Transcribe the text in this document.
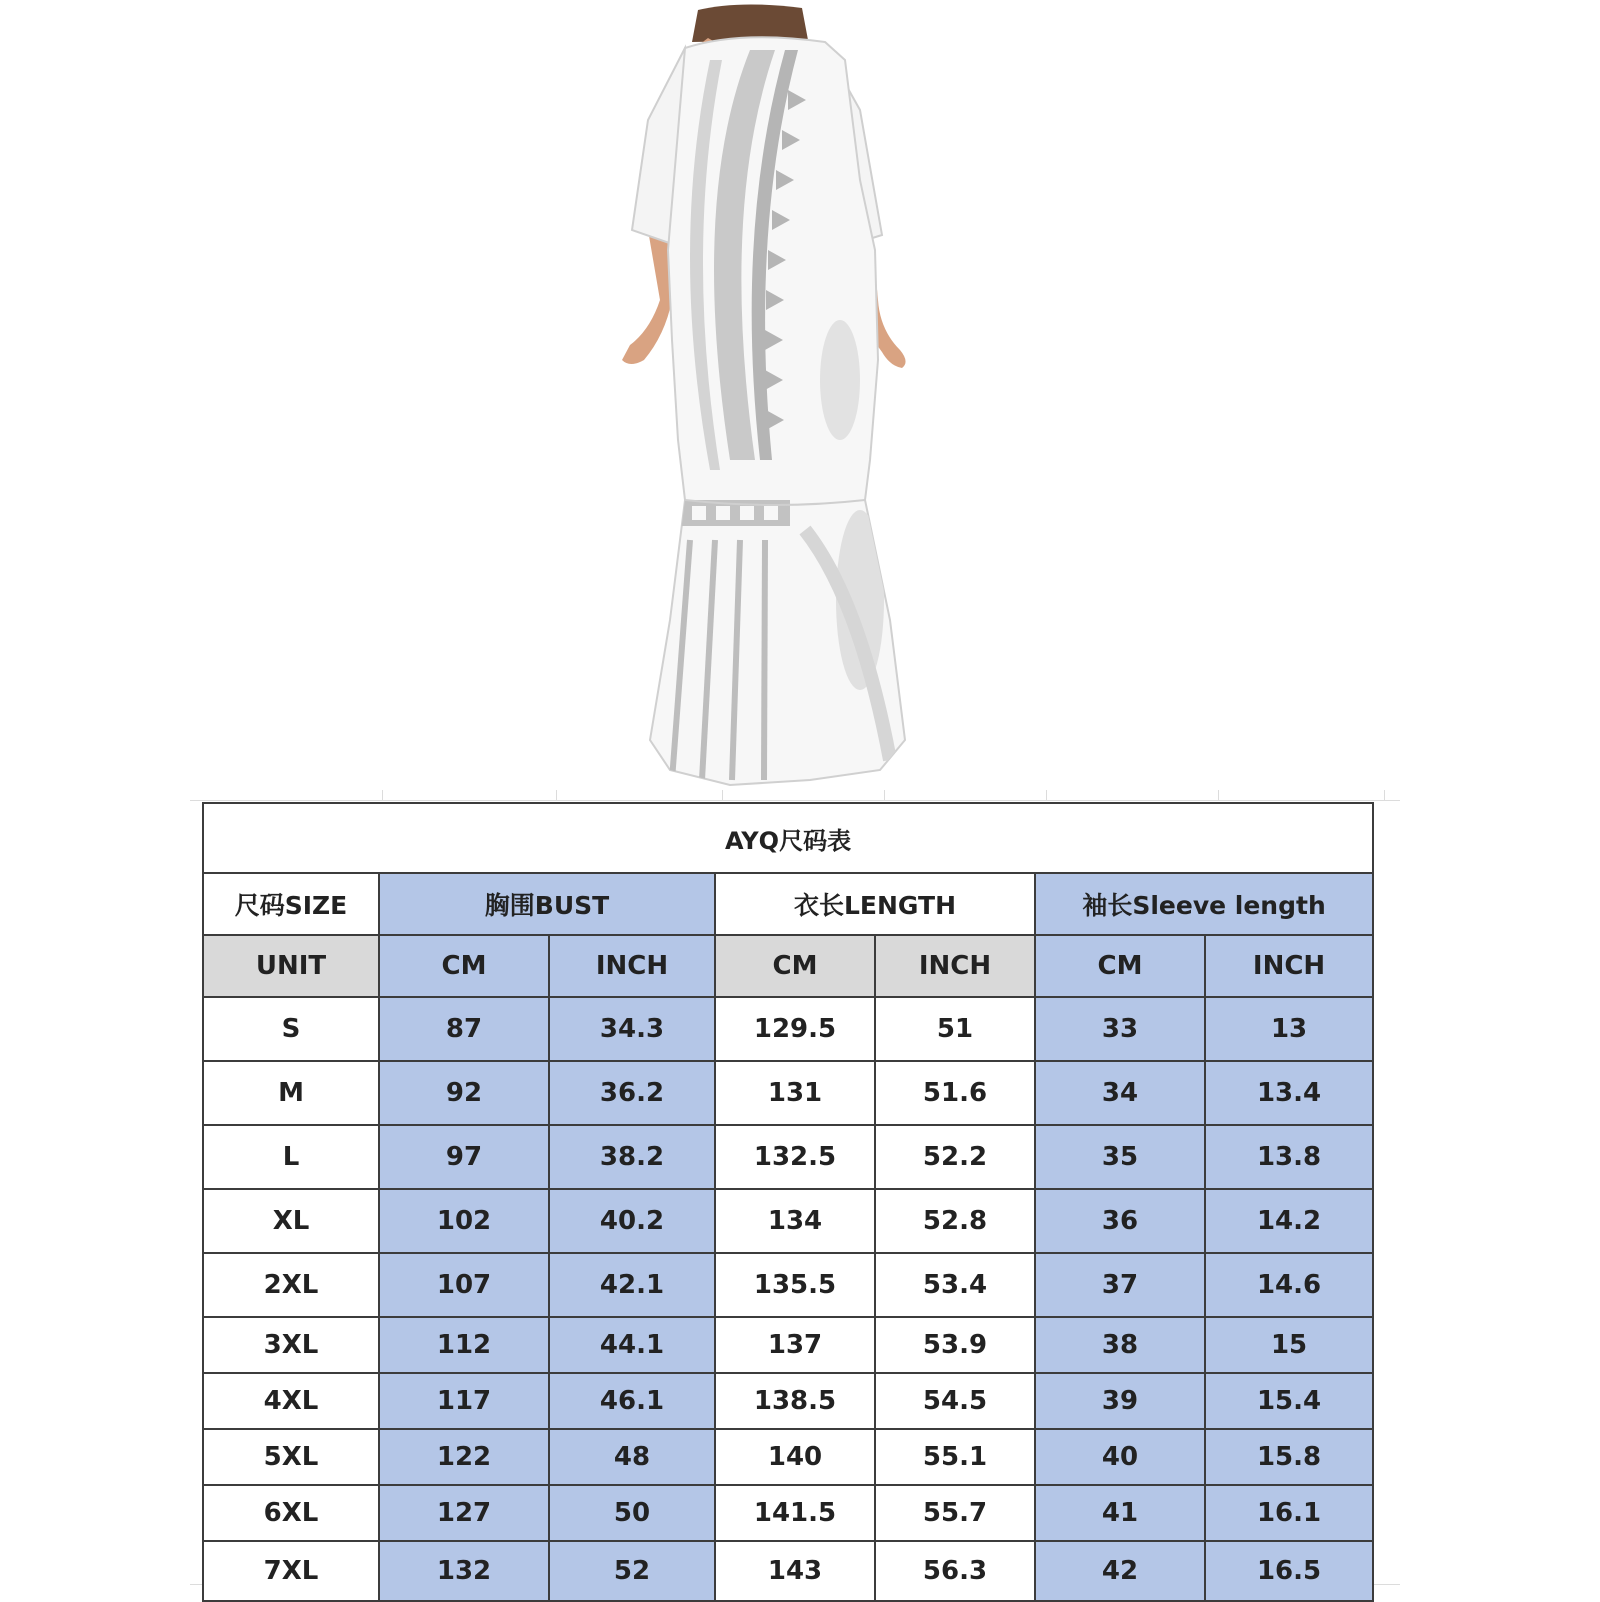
AYQ尺码表						
尺码SIZE	胸围BUST		衣长LENGTH		袖长Sleeve length	
UNIT	CM	INCH	CM	INCH	CM	INCH
S	87	34.3	129.5	51	33	13
M	92	36.2	131	51.6	34	13.4
L	97	38.2	132.5	52.2	35	13.8
XL	102	40.2	134	52.8	36	14.2
2XL	107	42.1	135.5	53.4	37	14.6
3XL	112	44.1	137	53.9	38	15
4XL	117	46.1	138.5	54.5	39	15.4
5XL	122	48	140	55.1	40	15.8
6XL	127	50	141.5	55.7	41	16.1
7XL	132	52	143	56.3	42	16.5
